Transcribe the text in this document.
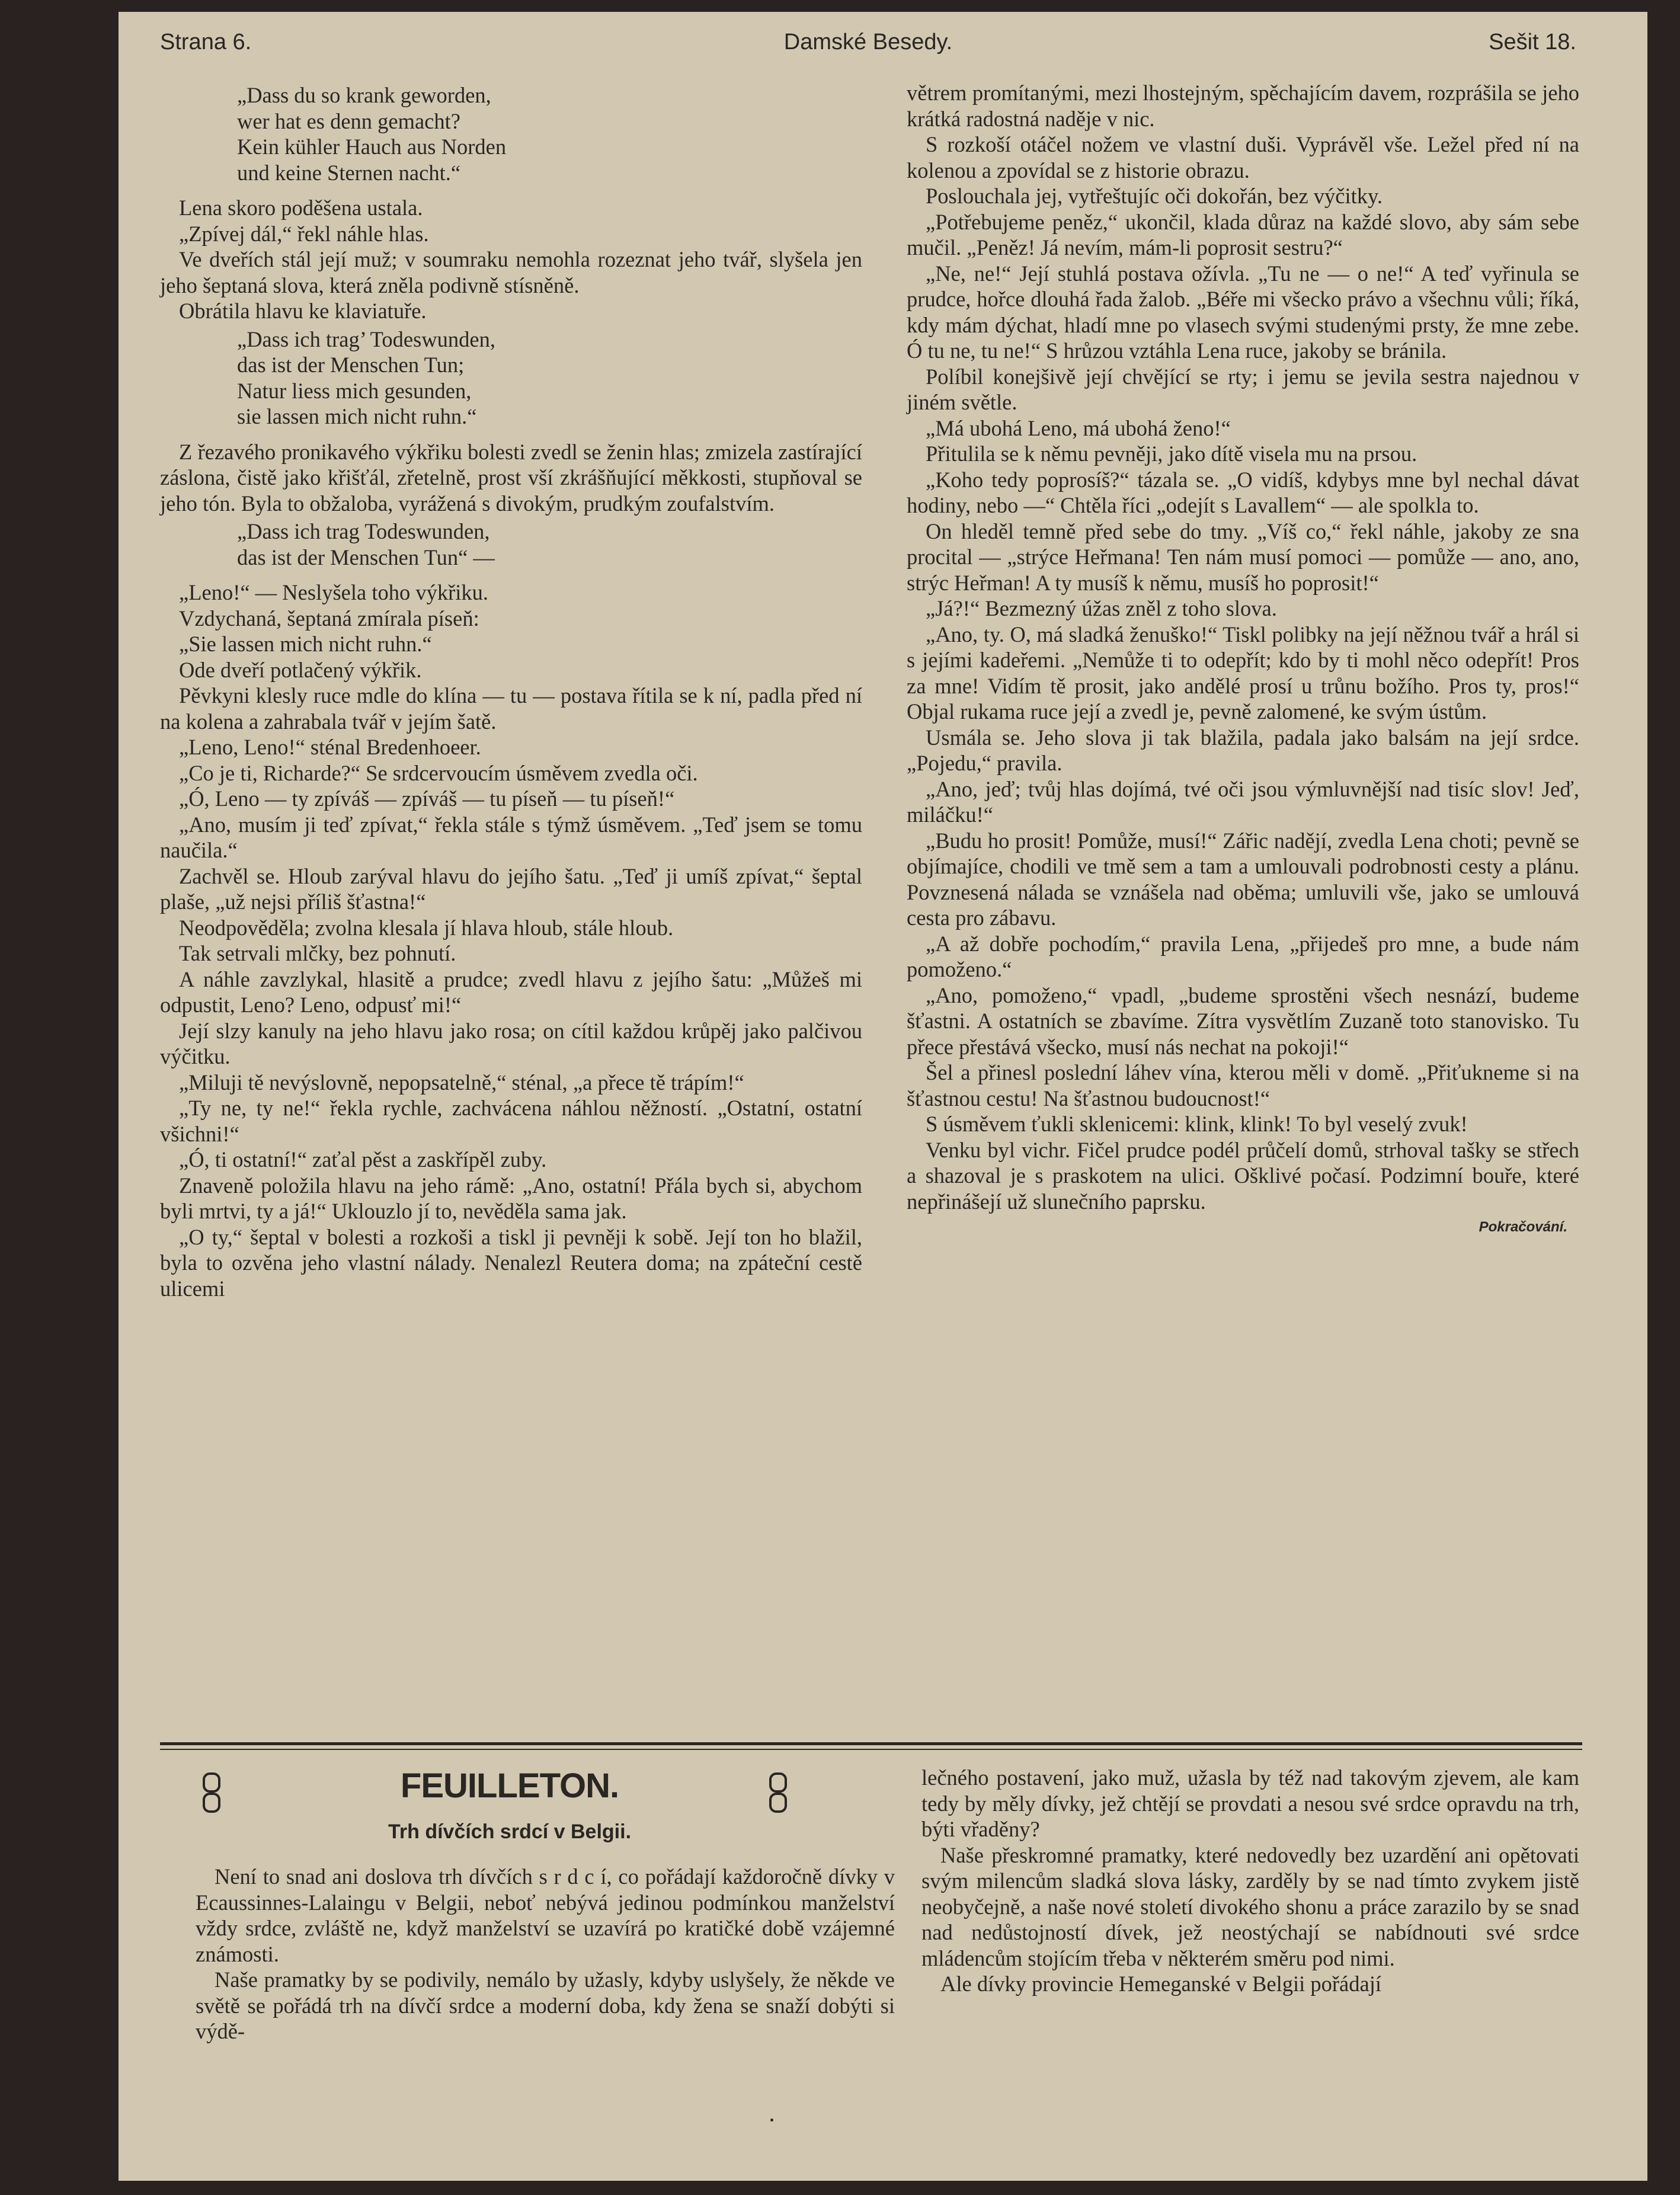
Strana 6.	Damské Besedy.	Sešit 18.
„Dass du so krank geworden,
wer hat es denn gemacht?
Kein kühler Hauch aus Norden
und keine Sternen nacht.“

Lena skoro poděšena ustala.

„Zpívej dál,“ řekl náhle hlas.

Ve dveřích stál její muž; v soumraku nemohla rozeznat jeho tvář, slyšela jen jeho šeptaná slova, která zněla podivně stísněně.

Obrátila hlavu ke klaviatuře.

„Dass ich trag’ Todeswunden,
das ist der Menschen Tun;
Natur liess mich gesunden,
sie lassen mich nicht ruhn.“

Z řezavého pronikavého výkřiku bolesti zvedl se ženin hlas; zmizela zastírající záslona, čistě jako křišťál, zřetelně, prost vší zkrášňující měkkosti, stupňoval se jeho tón. Byla to obžaloba, vyrážená s divokým, prudkým zoufalstvím.

„Dass ich trag Todeswunden,
das ist der Menschen Tun“ —

„Leno!“ — Neslyšela toho výkřiku.

Vzdychaná, šeptaná zmírala píseň:

„Sie lassen mich nicht ruhn.“

Ode dveří potlačený výkřik.

Pěvkyni klesly ruce mdle do klína — tu — postava řítila se k ní, padla před ní na kolena a zahrabala tvář v jejím šatě.

„Leno, Leno!“ sténal Bredenhoeer.

„Co je ti, Richarde?“ Se srdcervoucím úsměvem zvedla oči.

„Ó, Leno — ty zpíváš — zpíváš — tu píseň — tu píseň!“

„Ano, musím ji teď zpívat,“ řekla stále s týmž úsměvem. „Teď jsem se tomu naučila.“

Zachvěl se. Hloub zarýval hlavu do jejího šatu. „Teď ji umíš zpívat,“ šeptal plaše, „už nejsi příliš šťastna!“

Neodpověděla; zvolna klesala jí hlava hloub, stále hloub.

Tak setrvali mlčky, bez pohnutí.

A náhle zavzlykal, hlasitě a prudce; zvedl hlavu z jejího šatu: „Můžeš mi odpustit, Leno? Leno, odpusť mi!“

Její slzy kanuly na jeho hlavu jako rosa; on cítil každou krůpěj jako palčivou výčitku.

„Miluji tě nevýslovně, nepopsatelně,“ sténal, „a přece tě trápím!“

„Ty ne, ty ne!“ řekla rychle, zachvácena náhlou něžností. „Ostatní, ostatní všichni!“

„Ó, ti ostatní!“ zaťal pěst a zaskřípěl zuby.

Znaveně položila hlavu na jeho rámě: „Ano, ostatní! Přála bych si, abychom byli mrtvi, ty a já!“ Uklouzlo jí to, nevěděla sama jak.

„O ty,“ šeptal v bolesti a rozkoši a tiskl ji pevněji k sobě. Její ton ho blažil, byla to ozvěna jeho vlastní nálady. Nenalezl Reutera doma; na zpáteční cestě ulicemi

větrem promítanými, mezi lhostejným, spěchajícím davem, rozprášila se jeho krátká radostná naděje v nic.

S rozkoší otáčel nožem ve vlastní duši. Vyprávěl vše. Ležel před ní na kolenou a zpovídal se z historie obrazu.

Poslouchala jej, vytřeštujíc oči dokořán, bez výčitky.

„Potřebujeme peněz,“ ukončil, klada důraz na každé slovo, aby sám sebe mučil. „Peněz! Já nevím, mám-li poprosit sestru?“

„Ne, ne!“ Její stuhlá postava ožívla. „Tu ne — o ne!“ A teď vyřinula se prudce, hořce dlouhá řada žalob. „Béře mi všecko právo a všechnu vůli; říká, kdy mám dýchat, hladí mne po vlasech svými studenými prsty, že mne zebe. Ó tu ne, tu ne!“ S hrůzou vztáhla Lena ruce, jakoby se bránila.

Políbil konejšivě její chvějící se rty; i jemu se jevila sestra najednou v jiném světle.

„Má ubohá Leno, má ubohá ženo!“

Přitulila se k němu pevněji, jako dítě visela mu na prsou.

„Koho tedy poprosíš?“ tázala se. „O vidíš, kdybys mne byl nechal dávat hodiny, nebo —“ Chtěla říci „odejít s Lavallem“ — ale spolkla to.

On hleděl temně před sebe do tmy. „Víš co,“ řekl náhle, jakoby ze sna procital — „strýce Heřmana! Ten nám musí pomoci — pomůže — ano, ano, strýc Heřman! A ty musíš k němu, musíš ho poprosit!“

„Já?!“ Bezmezný úžas zněl z toho slova.

„Ano, ty. O, má sladká ženuško!“ Tiskl polibky na její něžnou tvář a hrál si s jejími kadeřemi. „Nemůže ti to odepřít; kdo by ti mohl něco odepřít! Pros za mne! Vidím tě prosit, jako andělé prosí u trůnu božího. Pros ty, pros!“ Objal rukama ruce její a zvedl je, pevně zalomené, ke svým ústům.

Usmála se. Jeho slova ji tak blažila, padala jako balsám na její srdce. „Pojedu,“ pravila.

„Ano, jeď; tvůj hlas dojímá, tvé oči jsou výmluvnější nad tisíc slov! Jeď, miláčku!“

„Budu ho prosit! Pomůže, musí!“ Zářic nadějí, zvedla Lena choti; pevně se objímajíce, chodili ve tmě sem a tam a umlouvali podrobnosti cesty a plánu. Povznesená nálada se vznášela nad oběma; umluvili vše, jako se umlouvá cesta pro zábavu.

„A až dobře pochodím,“ pravila Lena, „přijedeš pro mne, a bude nám pomoženo.“

„Ano, pomoženo,“ vpadl, „budeme sprostěni všech nesnází, budeme šťastni. A ostatních se zbavíme. Zítra vysvětlím Zuzaně toto stanovisko. Tu přece přestává všecko, musí nás nechat na pokoji!“

Šel a přinesl poslední láhev vína, kterou měli v domě. „Přiťukneme si na šťastnou cestu! Na šťastnou budoucnost!“

S úsměvem ťukli sklenicemi: klink, klink! To byl veselý zvuk!

Venku byl vichr. Fičel prudce podél průčelí domů, strhoval tašky se střech a shazoval je s praskotem na ulici. Ošklivé počasí. Podzimní bouře, které nepřinášejí už slunečního paprsku.

Pokračování.
FEUILLETON.
Trh dívčích srdcí v Belgii.

Není to snad ani doslova trh dívčích s r d c í, co pořádají každoročně dívky v Ecaussinnes-Lalaingu v Belgii, neboť nebývá jedinou podmínkou manželství vždy srdce, zvláště ne, když manželství se uzavírá po kratičké době vzájemné známosti.

Naše pramatky by se podivily, nemálo by užasly, kdyby uslyšely, že někde ve světě se pořádá trh na dívčí srdce a moderní doba, kdy žena se snaží dobýti si výdě-

lečného postavení, jako muž, užasla by též nad takovým zjevem, ale kam tedy by měly dívky, jež chtějí se provdati a nesou své srdce opravdu na trh, býti vřaděny?

Naše přeskromné pramatky, které nedovedly bez uzardění ani opětovati svým milencům sladká slova lásky, zarděly by se nad tímto zvykem jistě neobyčejně, a naše nové století divokého shonu a práce zarazilo by se snad nad nedůstojností dívek, jež neostýchají se nabídnouti své srdce mládencům stojícím třeba v některém směru pod nimi.

Ale dívky provincie Hemeganské v Belgii pořádají
